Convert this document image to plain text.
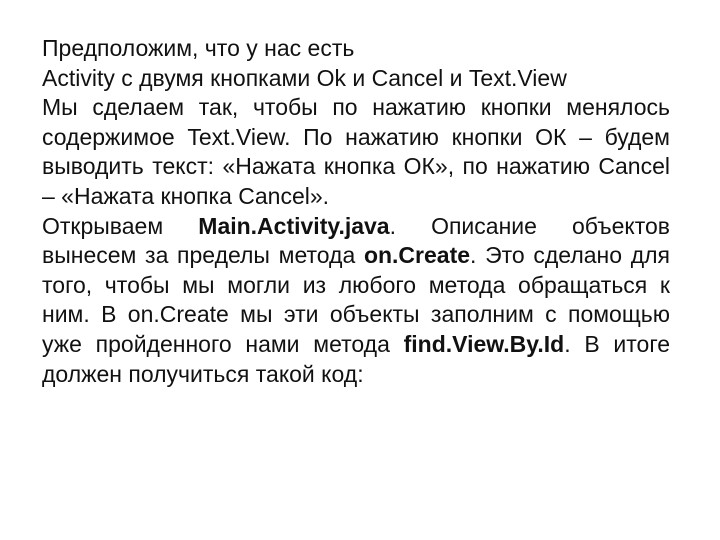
Предположим, что у нас есть
Activity с двумя кнопками Ok и Cancel и Text.View

Мы сделаем так, чтобы по нажатию кнопки менялось содержимое Text.View. По нажатию кнопки ОК – будем выводить текст: «Нажата кнопка ОК», по нажатию Cancel – «Нажата кнопка Cancel».

Открываем Main.Activity.java. Описание объектов вынесем за пределы метода on.Create. Это сделано для того, чтобы мы могли из любого метода обращаться к ним. В on.Create мы эти объекты заполним с помощью уже пройденного нами метода find.View.By.Id. В итоге должен получиться такой код:
